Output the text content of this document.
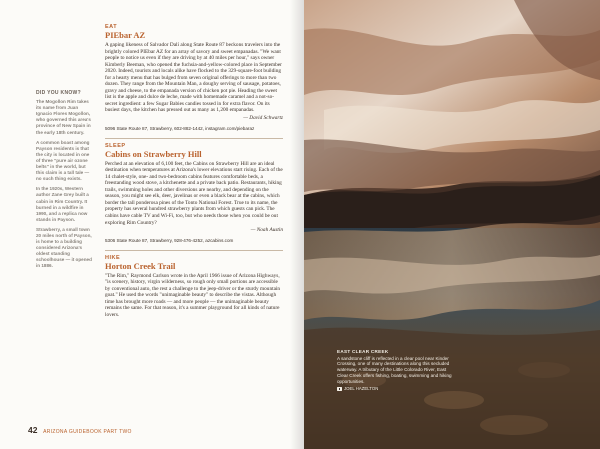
DID YOU KNOW?

The Mogollon Rim takes its name from Juan Ignacio Flores Mogollon, who governed this area's province of New Spain in the early 18th century.

A common boast among Payson residents is that the city is located in one of three "pure air ozone belts" in the world, but this claim is a tall tale — no such thing exists.

In the 1920s, Western author Zane Grey built a cabin in Rim Country. It burned in a wildfire in 1990, and a replica now stands in Payson.

Strawberry, a small town 20 miles north of Payson, is home to a building considered Arizona's oldest standing schoolhouse — it opened in 1886.

EAT
PIEbar AZ

A gaping likeness of Salvador Dalí along State Route 87 beckons travelers into the brightly colored PIEbar AZ for an array of savory and sweet empanadas. "We want people to notice us even if they are driving by at 40 miles per hour," says owner Kimberly Beeman, who opened the fuchsia-and-yellow-colored place in September 2020. Indeed, tourists and locals alike have flocked to the 329-square-foot building for a hearty menu that has bulged from seven original offerings to more than two dozen. They range from the Mountain Man, a doughy serving of sausage, potatoes, gravy and cheese, to the empanada version of chicken pot pie. Heading the sweet list is the apple and dulce de leche, made with homemade caramel and a not-so-secret ingredient: a few Sugar Babies candies tossed in for extra flavor. On its busiest days, the kitchen has pressed out as many as 1,200 empanadas.

— David Schwartz
5096 State Route 87, Strawberry, 602-882-1442, instagram.com/piebaraz
SLEEP
Cabins on Strawberry Hill

Perched at an elevation of 6,100 feet, the Cabins on Strawberry Hill are an ideal destination when temperatures at Arizona's lower elevations start rising. Each of the 14 chalet-style, one- and two-bedroom cabins features comfortable beds, a freestanding wood stove, a kitchenette and a private back patio. Restaurants, hiking trails, swimming holes and other diversions are nearby, and depending on the season, you might see elk, deer, javelinas or even a black bear at the cabins, which border the tall ponderosa pines of the Tonto National Forest. True to its name, the property has several hundred strawberry plants from which guests can pick. The cabins have cable TV and Wi-Fi, too, but who needs those when you could be out exploring Rim Country?

— Noah Austin
5306 State Route 87, Strawberry, 928-476-4252, azcabins.com
HIKE
Horton Creek Trail

"The Rim," Raymond Carlson wrote in the April 1966 issue of Arizona Highways, "is scenery, history, virgin wilderness, so rough only small portions are accessible by conventional auto, the rest a challenge to the jeep-driver or the sturdy mountain goat." He used the words "unimaginable beauty" to describe the vistas. Although time has brought more roads — and more people — the unimaginable beauty remains the same. For that reason, it's a summer playground for all kinds of nature lovers.

42 ARIZONA GUIDEBOOK PART TWO
EAST CLEAR CREEK
A sandstone cliff is reflected in a clear pool near Kinder Crossing, one of many destinations along this secluded waterway. A tributary of the Little Colorado River, East Clear Creek offers fishing, boating, swimming and hiking opportunities.
JOEL HAZELTON
